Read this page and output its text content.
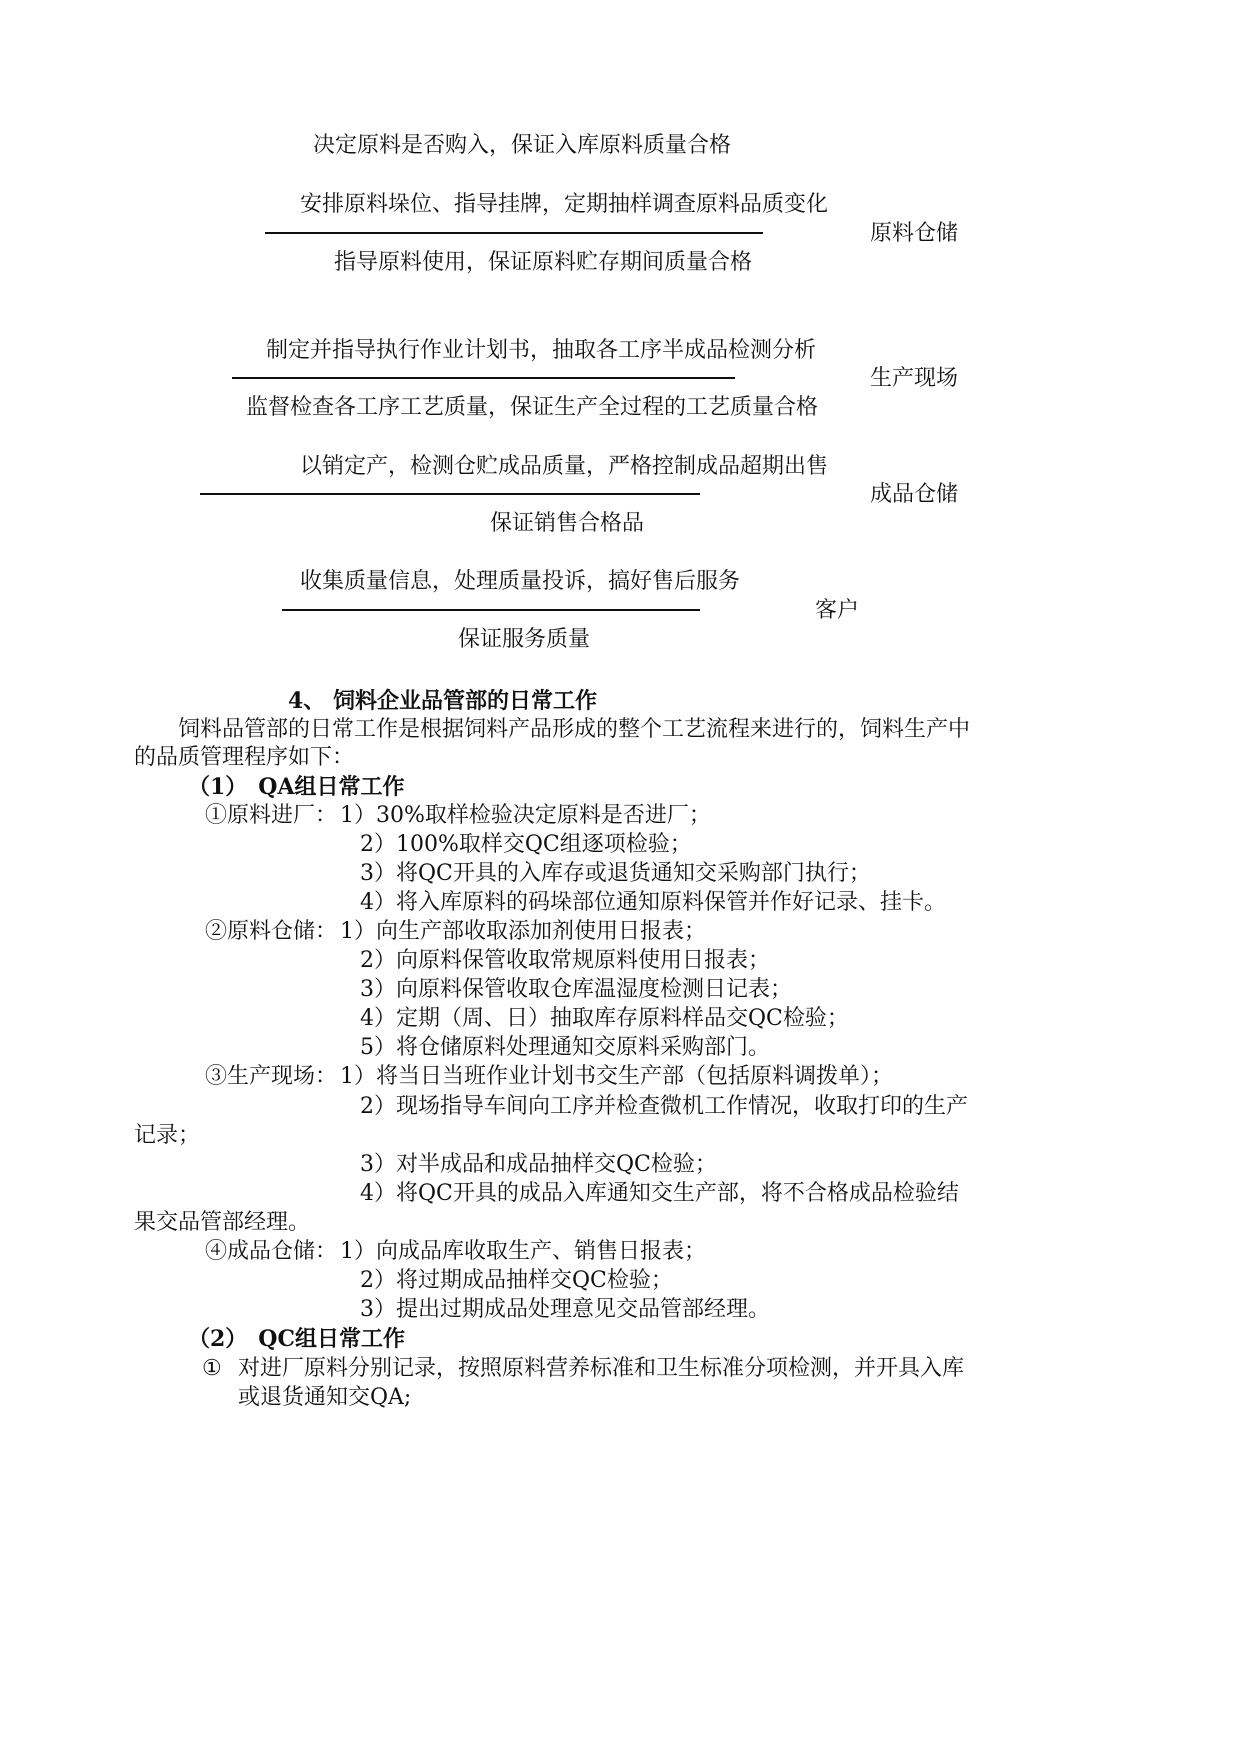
决定原料是否购入，保证入库原料质量合格
安排原料垛位、指导挂牌，定期抽样调查原料品质变化
原料仓储
指导原料使用，保证原料贮存期间质量合格
制定并指导执行作业计划书，抽取各工序半成品检测分析
生产现场
监督检查各工序工艺质量，保证生产全过程的工艺质量合格
以销定产，检测仓贮成品质量，严格控制成品超期出售
成品仓储
保证销售合格品
收集质量信息，处理质量投诉，搞好售后服务
客户
保证服务质量
4、 饲料企业品管部的日常工作
饲料品管部的日常工作是根据饲料产品形成的整个工艺流程来进行的，饲料生产中
的品质管理程序如下：
（1）　QA组日常工作
①原料进厂： 1）30%取样检验决定原料是否进厂；
2）100%取样交QC组逐项检验；
3）将QC开具的入库存或退货通知交采购部门执行；
4）将入库原料的码垛部位通知原料保管并作好记录、挂卡。
②原料仓储： 1）向生产部收取添加剂使用日报表；
2）向原料保管收取常规原料使用日报表；
3）向原料保管收取仓库温湿度检测日记表；
4）定期（周、日）抽取库存原料样品交QC检验；
5）将仓储原料处理通知交原料采购部门。
③生产现场： 1）将当日当班作业计划书交生产部（包括原料调拨单）；
2）现场指导车间向工序并检查微机工作情况，收取打印的生产
记录；
3）对半成品和成品抽样交QC检验；
4）将QC开具的成品入库通知交生产部，将不合格成品检验结
果交品管部经理。
④成品仓储： 1）向成品库收取生产、销售日报表；
2）将过期成品抽样交QC检验；
3）提出过期成品处理意见交品管部经理。
（2）　QC组日常工作
① 对进厂原料分别记录，按照原料营养标准和卫生标准分项检测，并开具入库
或退货通知交QA;
